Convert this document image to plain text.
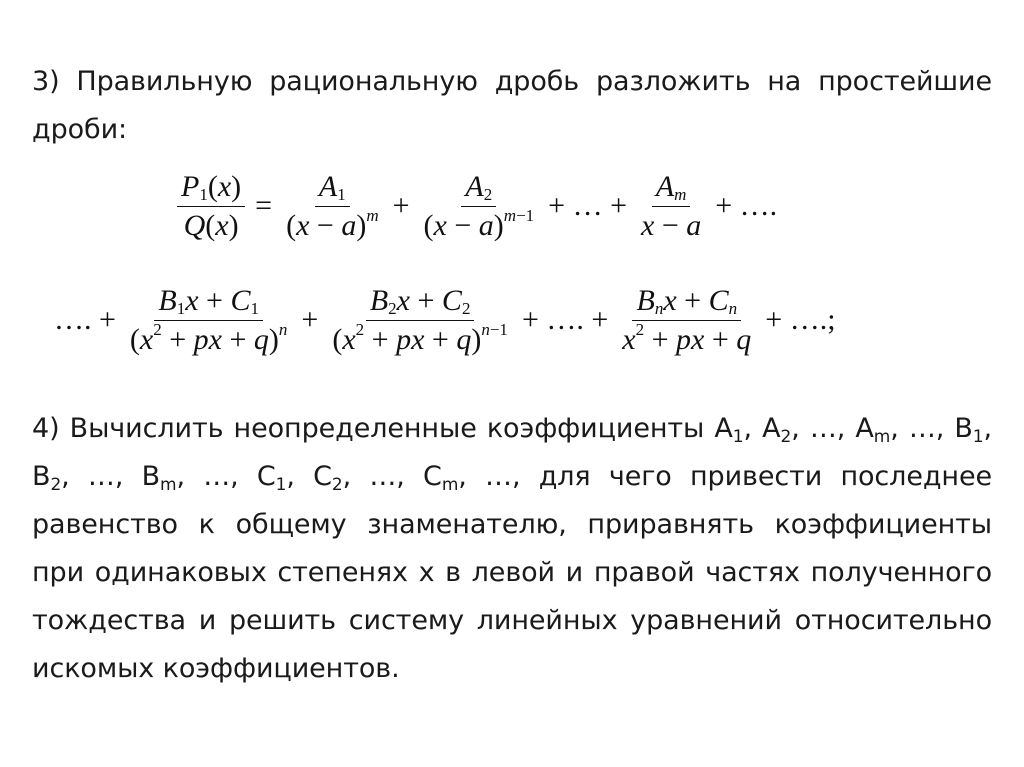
3) Правильную рациональную дробь разложить на простейшие
дроби:
$\frac{P_1(x)}{Q(x)} = \frac{A_1}{(x - a)^m} + \frac{A_2}{(x - a)^{m-1}}$ + … + $\frac{A_m}{x - a}$ + ….
…. + $\frac{B_1x + C_1}{(x^2 + px + q)^n} + \frac{B_2x + C_2}{(x^2 + px + q)^{n-1}}$ + …. + $\frac{B_nx + C_n}{x^2 + px + q}$ + ….;
4) Вычислить неопределенные коэффициенты $A_1$, $A_2$, …, $A_m$, …, $B_1$,
$B_2$, …, $B_m$, …, $C_1$, $C_2$, …, $C_m$, …, для чего привести последнее
равенство к общему знаменателю, приравнять коэффициенты
при одинаковых степенях x в левой и правой частях полученного
тождества и решить систему линейных уравнений относительно
искомых коэффициентов.
